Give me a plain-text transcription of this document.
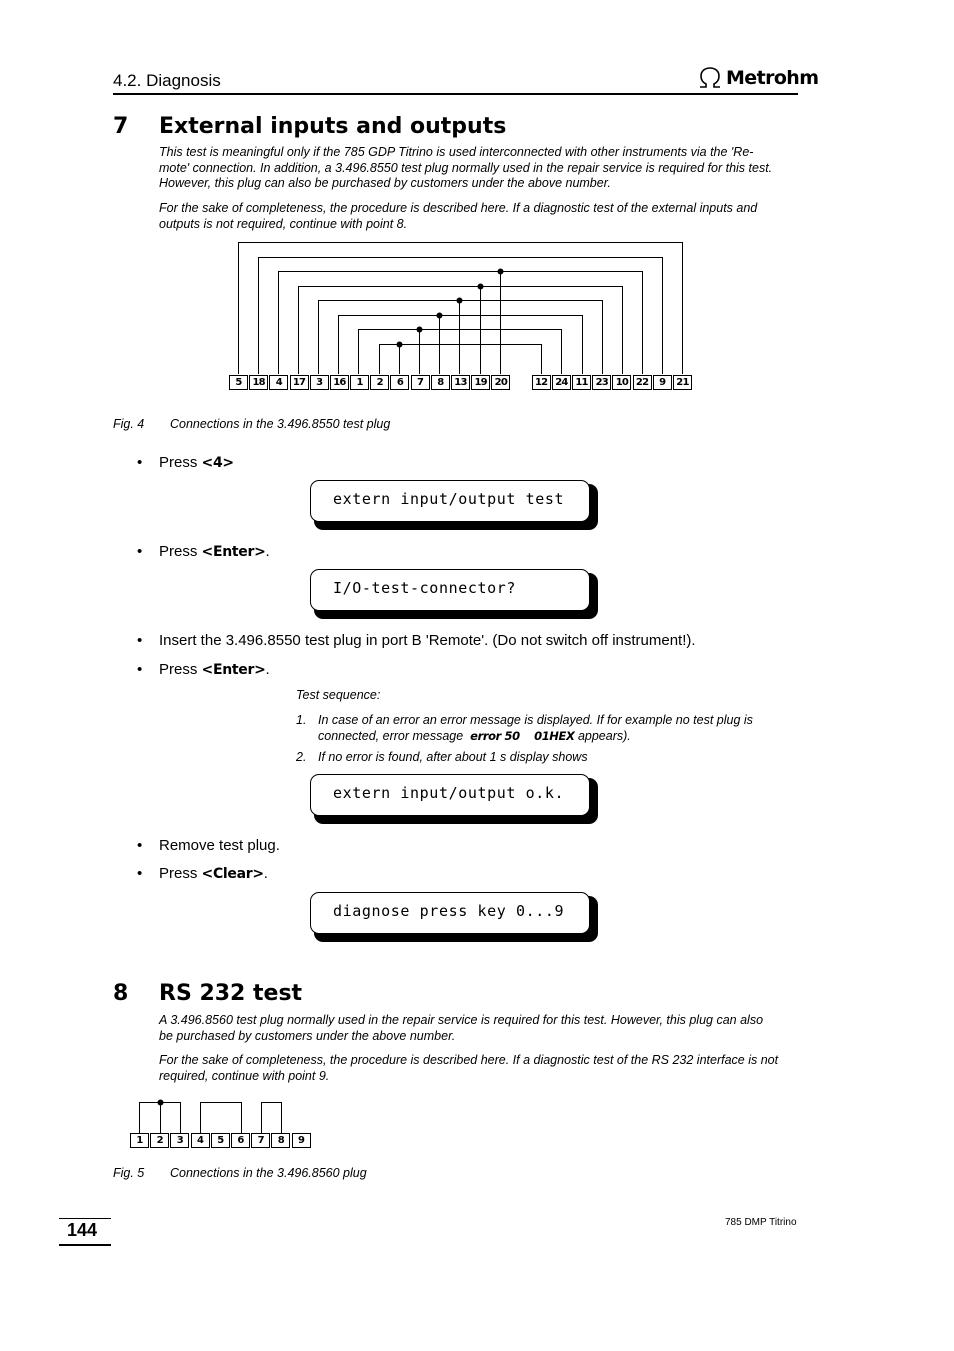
4.2. Diagnosis	Metrohm
7 External inputs and outputs
This test is meaningful only if the 785 GDP Titrino is used interconnected with other instruments via the 'Re-
mote' connection. In addition, a 3.496.8550 test plug normally used in the repair service is required for this test.
However, this plug can also be purchased by customers under the above number.
For the sake of completeness, the procedure is described here. If a diagnostic test of the external inputs and
outputs is not required, continue with point 8.
5	18	4	17	3	16	1	2	6	7	8	13 19 20	12 24 11 23 10 22	9	21
Fig. 4 Connections in the 3.496.8550 test plug
• Press <4>
extern input/output test
• Press <Enter>.
I/O-test-connector?
• Insert the 3.496.8550 test plug in port B 'Remote'. (Do not switch off instrument!).
• Press <Enter>.
Test sequence:
1. In case of an error an error message is displayed. If for example no test plug is
connected, error message error 50    01HEX appears).
2. If no error is found, after about 1 s display shows
extern input/output o.k.
• Remove test plug.
• Press <Clear>.
diagnose press key 0...9
8 RS 232 test
A 3.496.8560 test plug normally used in the repair service is required for this test. However, this plug can also
be purchased by customers under the above number.
For the sake of completeness, the procedure is described here. If a diagnostic test of the RS 232 interface is not
required, continue with point 9.
1	2	3	4	5	6	7	8	9
Fig. 5 Connections in the 3.496.8560 plug
144	785 DMP Titrino
